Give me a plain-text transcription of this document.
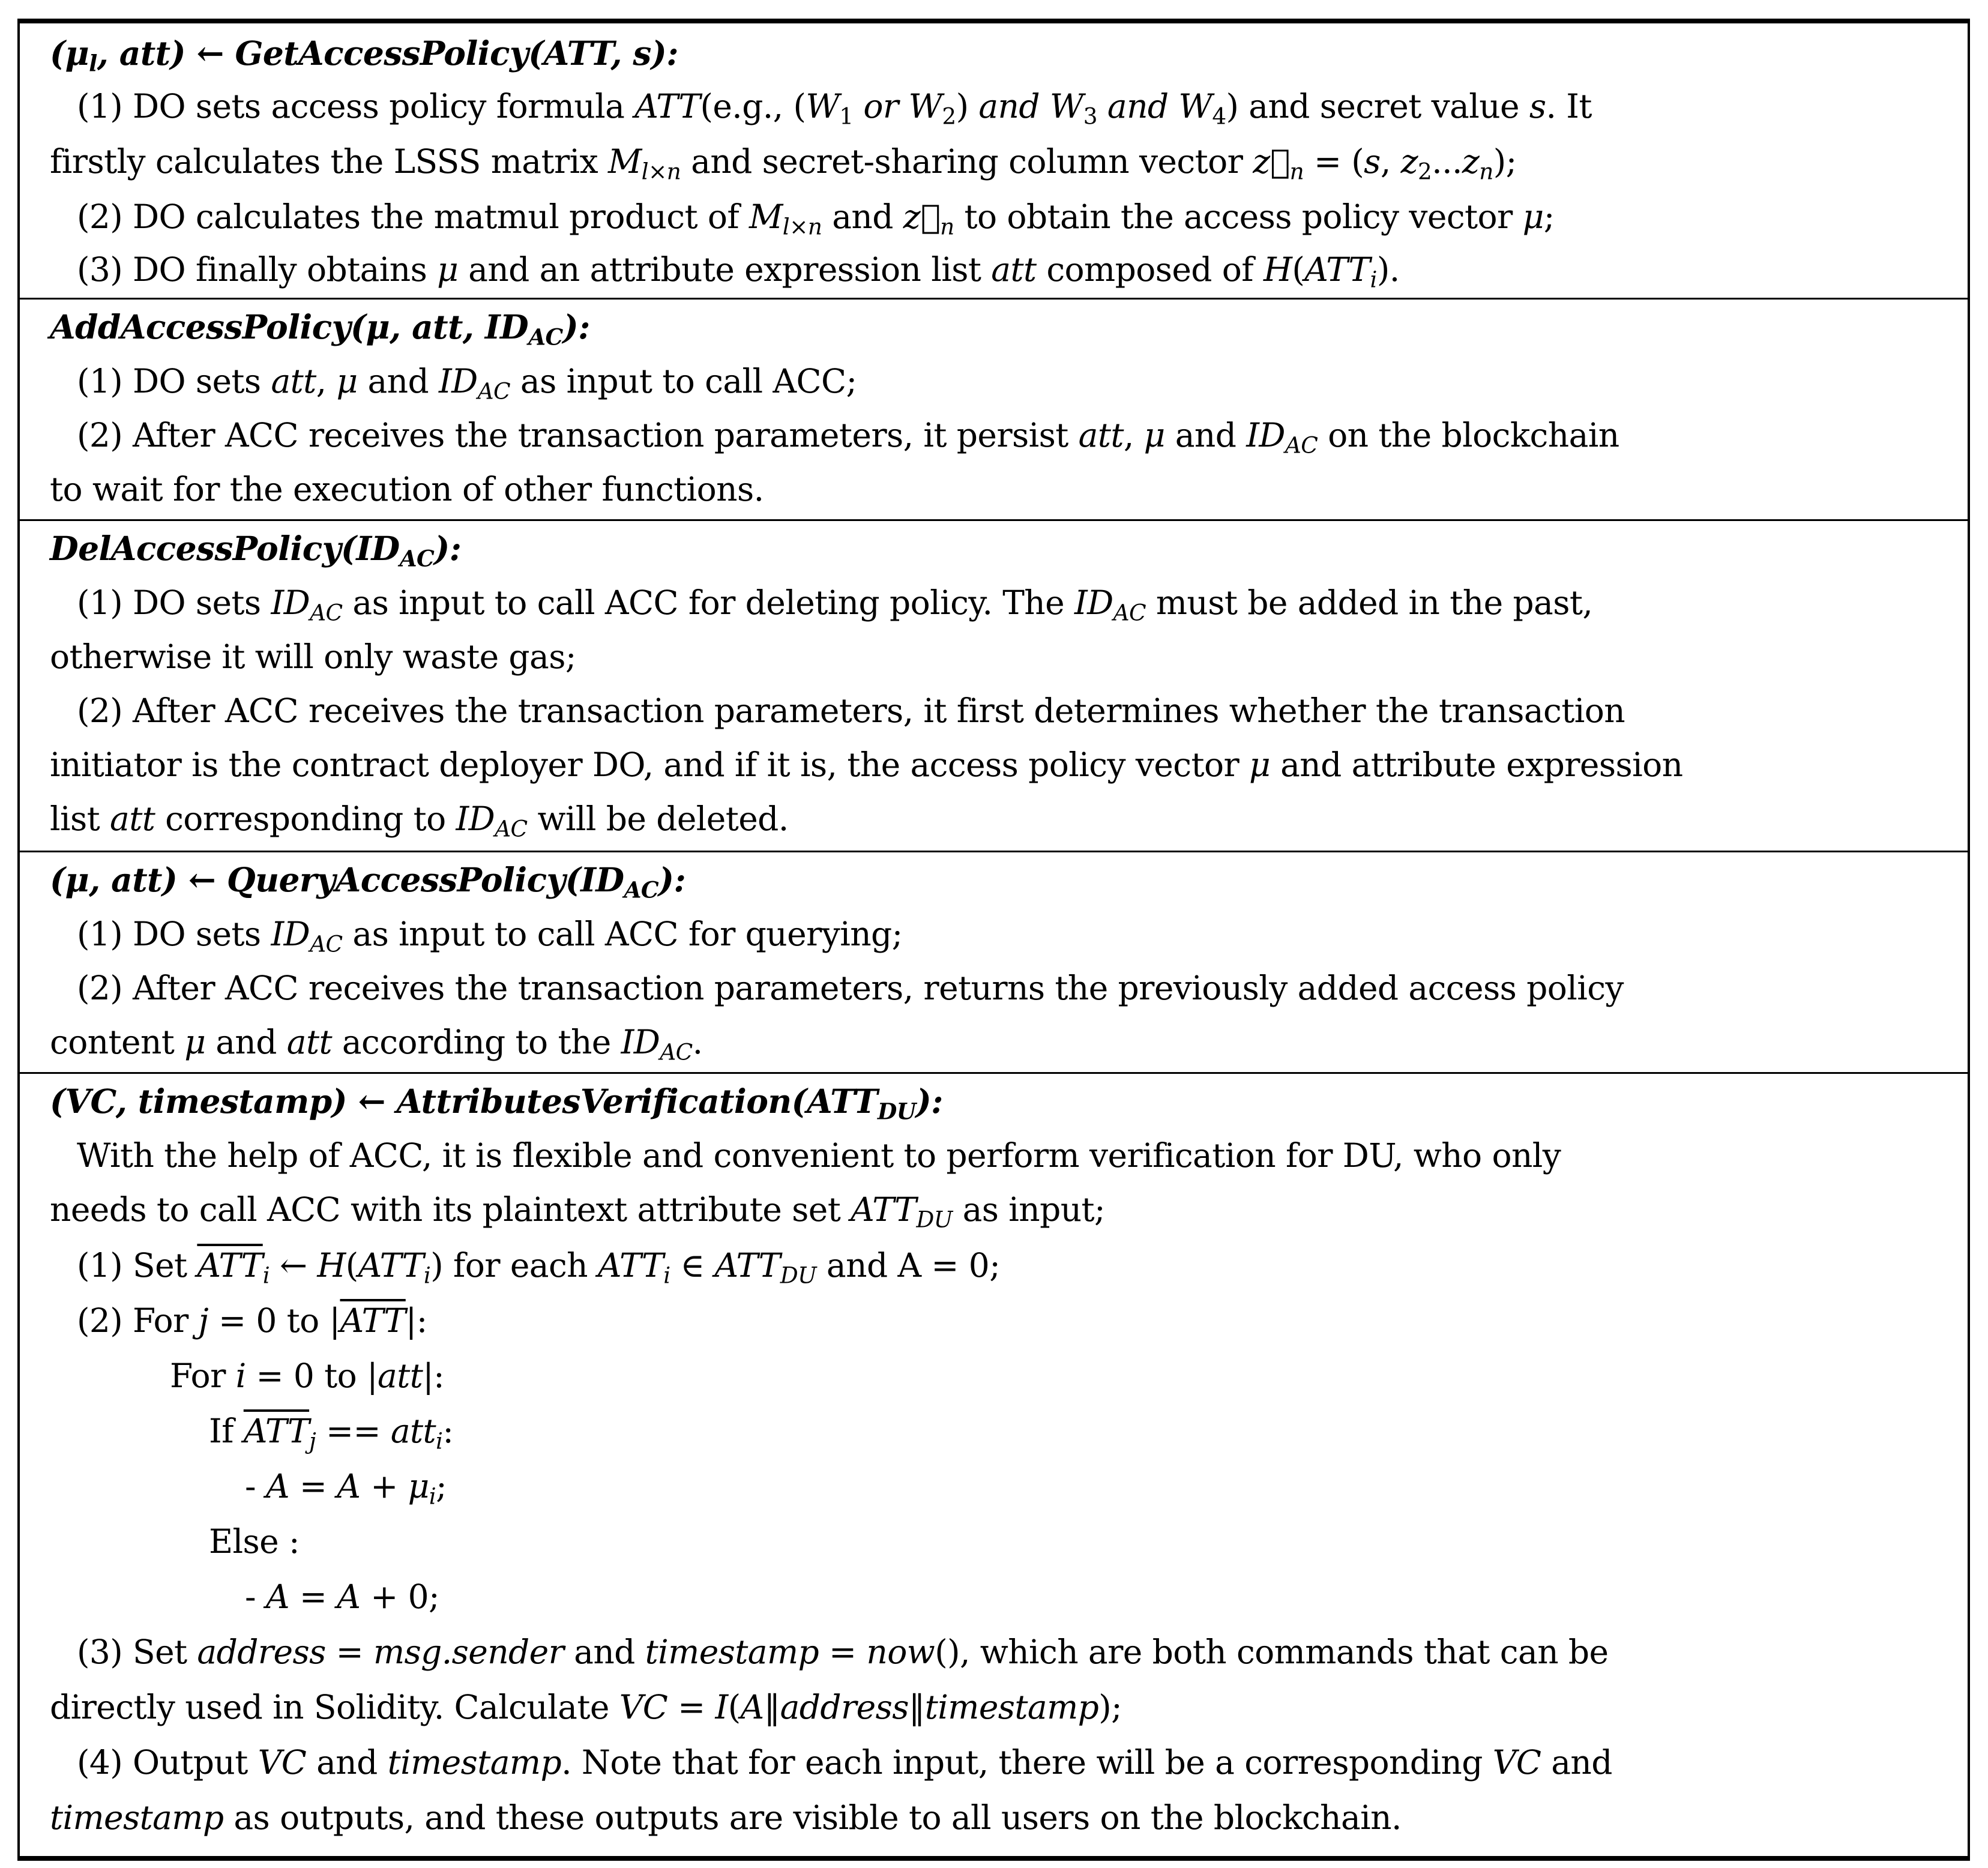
($\mu_l$, att) ← GetAccessPolicy(ATT, s):
(1) DO sets access policy formula ATT(e.g., ($W_1$ or $W_2$) and $W_3$ and $W_4$) and secret value s. It
firstly calculates the LSSS matrix $M_{l\times n}$ and secret-sharing column vector $z⃗_n = (s$, $z_2...z_n$);
(2) DO calculates the matmul product of $M_{l\times n}$ and $z⃗_n$ to obtain the access policy vector μ;
(3) DO finally obtains μ and an attribute expression list att composed of $H(ATT_i)$.
AddAccessPolicy(μ, att, $ID_{AC}$):
(1) DO sets att, μ and $ID_{AC}$ as input to call ACC;
(2) After ACC receives the transaction parameters, it persist att, μ and $ID_{AC}$ on the blockchain
to wait for the execution of other functions.
$DelAccessPolicy(ID_{AC})$:
(1) DO sets $ID_{AC}$ as input to call ACC for deleting policy. The $ID_{AC}$ must be added in the past,
otherwise it will only waste gas;
(2) After ACC receives the transaction parameters, it first determines whether the transaction
initiator is the contract deployer DO, and if it is, the access policy vector μ and attribute expression
list att corresponding to $ID_{AC}$ will be deleted.
(μ, att) ← $QueryAccessPolicy(ID_{AC})$:
(1) DO sets $ID_{AC}$ as input to call ACC for querying;
(2) After ACC receives the transaction parameters, returns the previously added access policy
content μ and att according to the $ID_{AC}$.
(VC, timestamp) ← $AttributesVerification(ATT_{DU})$:
With the help of ACC, it is flexible and convenient to perform verification for DU, who only
needs to call ACC with its plaintext attribute set $ATT_{DU}$ as input;
(1) Set $\overline{ATT}_i$ ← $H(ATT_i)$ for each $ATT_i$ ∈ $ATT_{DU}$ and A = 0;
(2) For j = 0 to $|\overline{ATT}|$:
For i = 0 to |att|:
If $\overline{ATT}_j == att_i$:
- $A = A + \mu_i$;
Else :
- A = A + 0;
(3) Set address = msg.sender and timestamp = now(), which are both commands that can be
directly used in Solidity. Calculate VC = I(A‖address‖timestamp);
(4) Output VC and timestamp. Note that for each input, there will be a corresponding VC and
timestamp as outputs, and these outputs are visible to all users on the blockchain.
